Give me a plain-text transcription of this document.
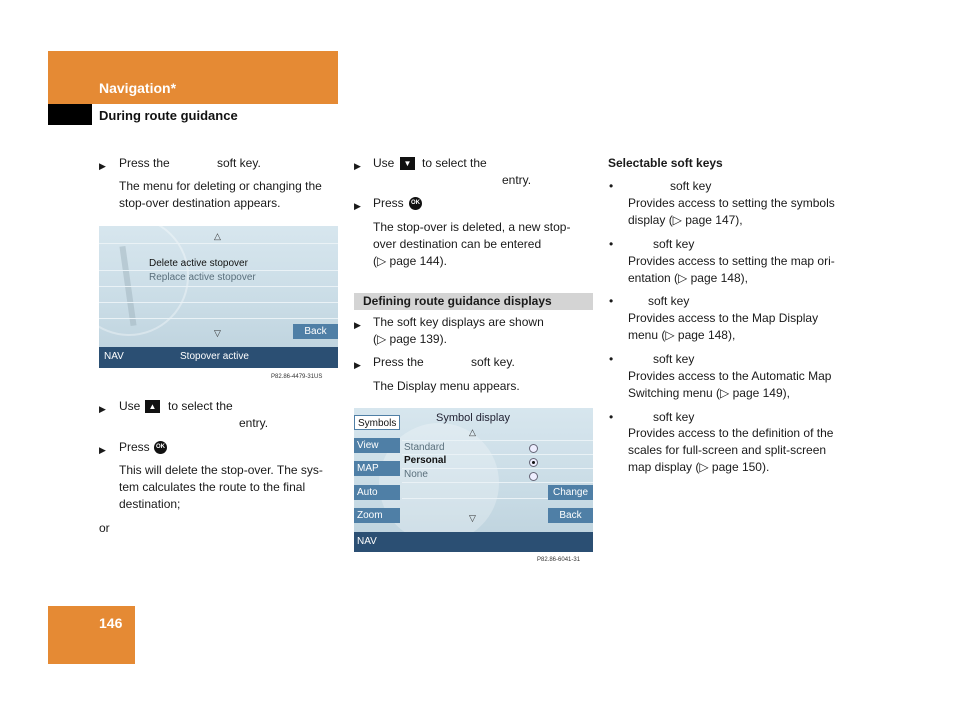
Navigation*
During route guidance
▶ Press the	soft key.
The menu for deleting or changing the
stop-over destination appears.
▶ Use	▲ to select the
entry.
▶ Press	OK
This will delete the stop-over. The sys-
tem calculates the route to the final
destination;
or
△
Delete active stopover
Replace active stopover
▽	Back
NAV	Stopover active
P82.86-4479-31US
▶ Use	▼ to select the
entry.
▶ Press	OK
The stop-over is deleted, a new stop-
over destination can be entered
(▷ page 144).
Defining route guidance displays
▶ The soft key displays are shown
(▷ page 139).
▶ Press the	soft key.
The Display menu appears.
Symbol display
△
Symbols
View
MAP
Auto
Zoom
Standard
Personal
None
▽
Change
Back
NAV
P82.86-6041-31
Selectable soft keys
•	soft key
Provides access to setting the symbols
display (▷ page 147),
•	soft key
Provides access to setting the map ori-
entation (▷ page 148),
•	soft key
Provides access to the Map Display
menu (▷ page 148),
•	soft key
Provides access to the Automatic Map
Switching menu (▷ page 149),
•	soft key
Provides access to the definition of the
scales for full-screen and split-screen
map display (▷ page 150).
146
